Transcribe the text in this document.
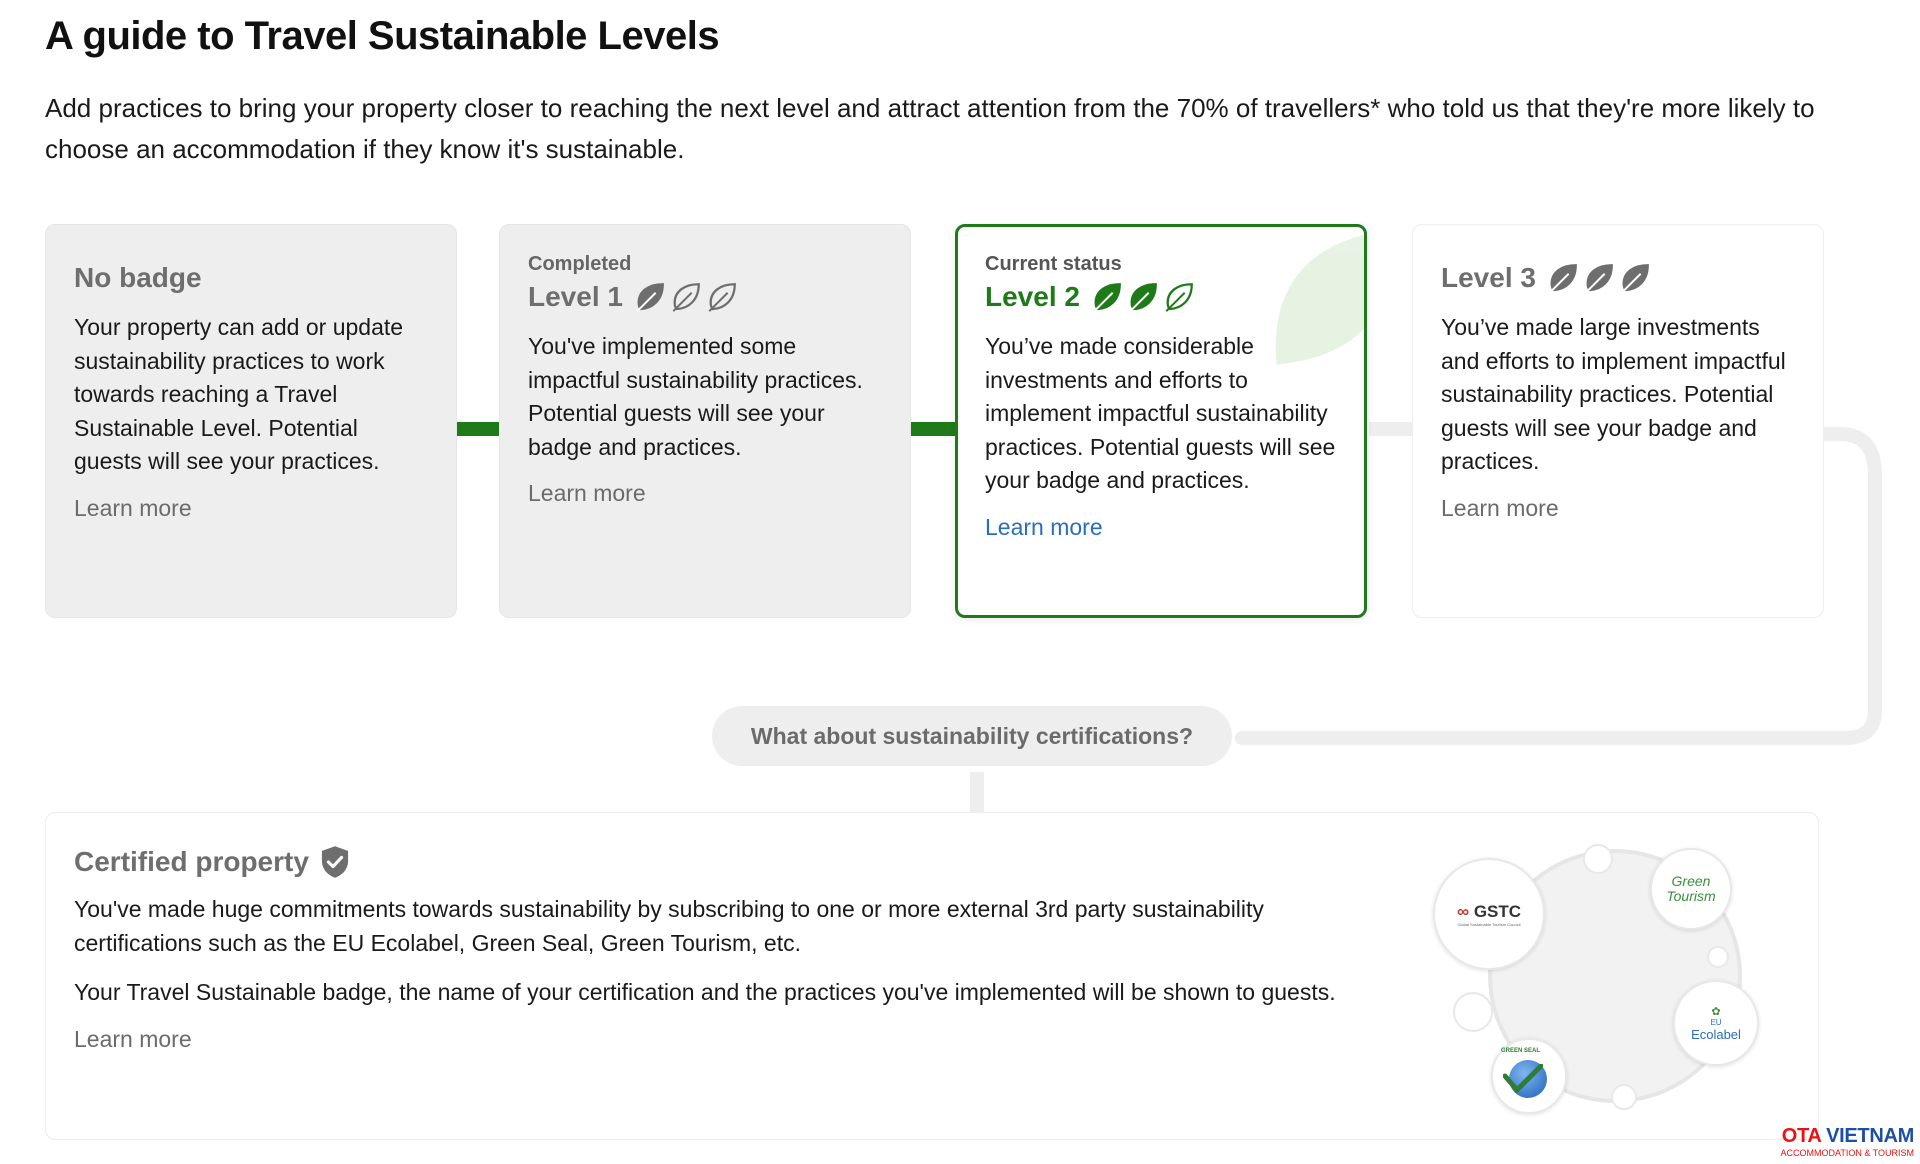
A guide to Travel Sustainable Levels

Add practices to bring your property closer to reaching the next level and attract attention from the 70% of travellers* who told us that they're more likely to choose an accommodation if they know it's sustainable.

No badge

Your property can add or update sustainability practices to work towards reaching a Travel Sustainable Level. Potential guests will see your practices.

Learn more
Completed
Level 1

You've implemented some impactful sustainability practices. Potential guests will see your badge and practices.

Learn more
Current status
Level 2

You’ve made considerable investments and efforts to implement impactful sustainability practices. Potential guests will see your badge and practices.

Learn more
Level 3

You’ve made large investments and efforts to implement impactful sustainability practices. Potential guests will see your badge and practices.

Learn more
What about sustainability certifications?
Certified property

You've made huge commitments towards sustainability by subscribing to one or more external 3rd party sustainability certifications such as the EU Ecolabel, Green Seal, Green Tourism, etc.

Your Travel Sustainable badge, the name of your certification and the practices you've implemented will be shown to guests.

Learn more
∞ GSTC
Global Sustainable Tourism Council
Green
Tourism
✿
EU
Ecolabel
GREEN SEAL
OTA VIETNAM
ACCOMMODATION & TOURISM
